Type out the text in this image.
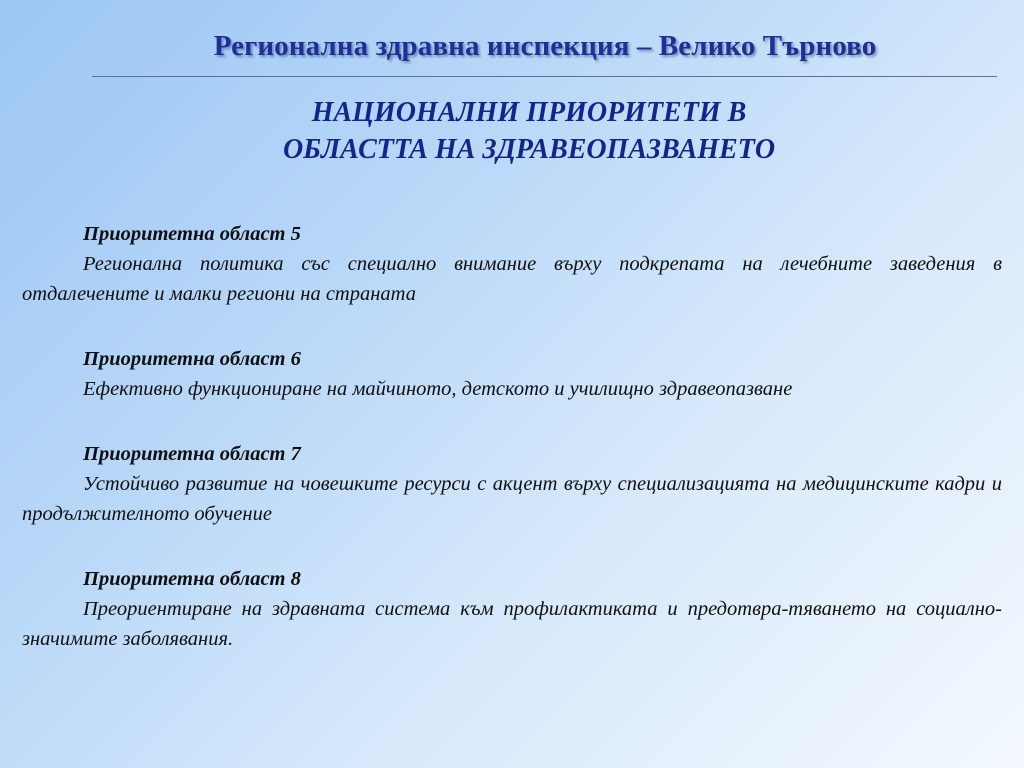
Регионална здравна инспекция – Велико Търново
НАЦИОНАЛНИ ПРИОРИТЕТИ В
ОБЛАСТТА НА ЗДРАВЕОПАЗВАНЕТО
Приоритетна област 5
Регионална политика със специално внимание върху подкрепата на лечебните заведения в отдалечените и малки региони на страната
Приоритетна област 6
Ефективно функциониране на майчиното, детското и училищно здравеопазване
Приоритетна област 7
Устойчиво развитие на човешките ресурси с акцент върху специализацията на медицинските кадри и продължителното обучение
Приоритетна област 8
Преориентиране на здравната система към профилактиката и предотвра-тяването на социално-значимите заболявания.
